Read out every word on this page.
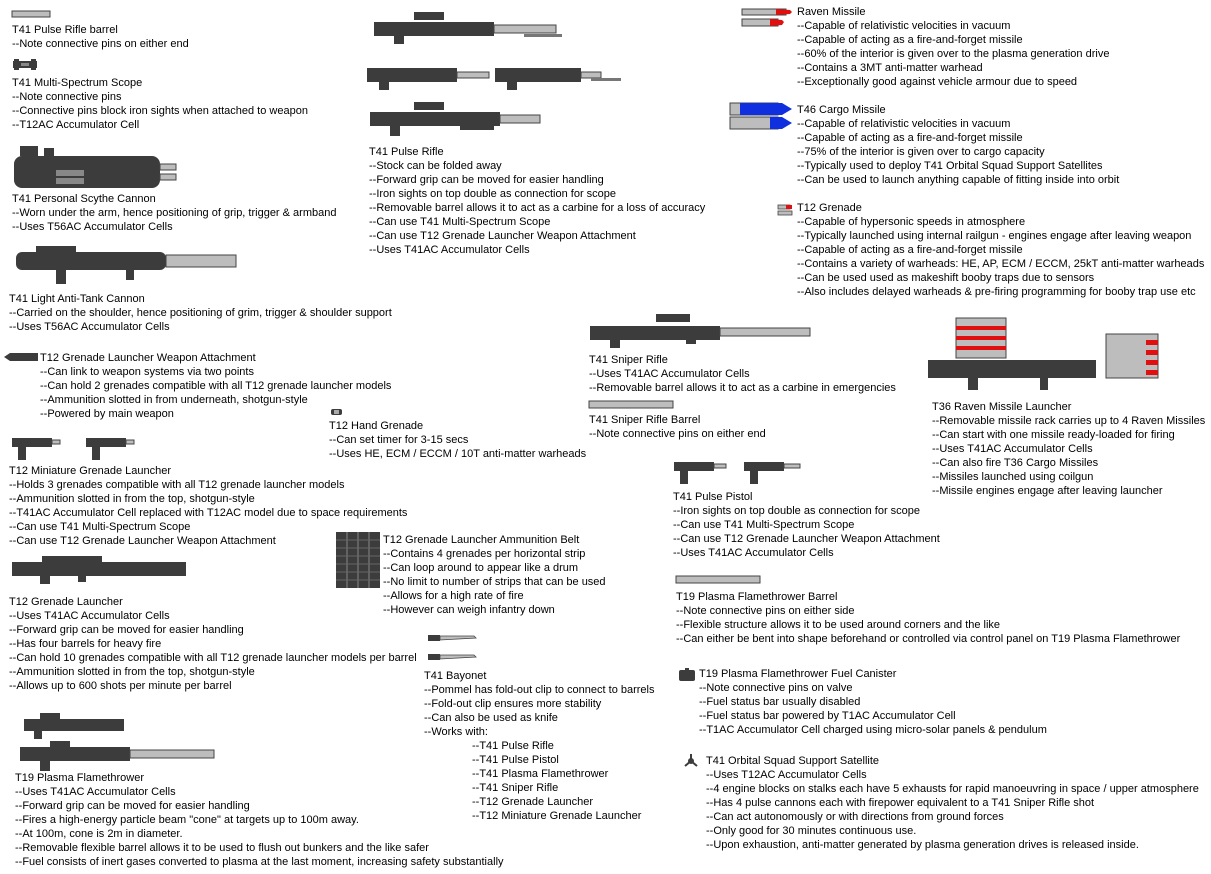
T41 Pulse Rifle barrel
--Note connective pins on either end
T41 Multi-Spectrum Scope
--Note connective pins
--Connective pins block iron sights when attached to weapon
--T12AC Accumulator Cell
T41 Personal Scythe Cannon
--Worn under the arm, hence positioning of grip, trigger & armband
--Uses T56AC Accumulator Cells
T41 Light Anti-Tank Cannon
--Carried on the shoulder, hence positioning of grim, trigger & shoulder support
--Uses T56AC Accumulator Cells
T12 Grenade Launcher Weapon Attachment
--Can link to weapon systems via two points
--Can hold 2 grenades compatible with all T12 grenade launcher models
--Ammunition slotted in from underneath, shotgun-style
--Powered by main weapon
T12 Miniature Grenade Launcher
--Holds 3 grenades compatible with all T12 grenade launcher models
--Ammunition slotted in from the top, shotgun-style
--T41AC Accumulator Cell replaced with T12AC model due to space requirements
--Can use T41 Multi-Spectrum Scope
--Can use T12 Grenade Launcher Weapon Attachment
T12 Grenade Launcher
--Uses T41AC Accumulator Cells
--Forward grip can be moved for easier handling
--Has four barrels for heavy fire
--Can hold 10 grenades compatible with all T12 grenade launcher models per barrel
--Ammunition slotted in from the top, shotgun-style
--Allows up to 600 shots per minute per barrel
T19 Plasma Flamethrower
--Uses T41AC Accumulator Cells
--Forward grip can be moved for easier handling
--Fires a high-energy particle beam "cone" at targets up to 100m away.
--At 100m, cone is 2m in diameter.
--Removable flexible barrel allows it to be used to flush out bunkers and the like safer
--Fuel consists of inert gases converted to plasma at the last moment, increasing safety substantially
T41 Pulse Rifle
--Stock can be folded away
--Forward grip can be moved for easier handling
--Iron sights on top double as connection for scope
--Removable barrel allows it to act as a carbine for a loss of accuracy
--Can use T41 Multi-Spectrum Scope
--Can use T12 Grenade Launcher Weapon Attachment
--Uses T41AC Accumulator Cells
T12 Hand Grenade
--Can set timer for 3-15 secs
--Uses HE, ECM / ECCM / 10T anti-matter warheads
T12 Grenade Launcher Ammunition Belt
--Contains 4 grenades per horizontal strip
--Can loop around to appear like a drum
--No limit to number of strips that can be used
--Allows for a high rate of fire
--However can weigh infantry down
T41 Bayonet
--Pommel has fold-out clip to connect to barrels
--Fold-out clip ensures more stability
--Can also be used as knife
--Works with:
--T41 Pulse Rifle
--T41 Pulse Pistol
--T41 Plasma Flamethrower
--T41 Sniper Rifle
--T12 Grenade Launcher
--T12 Miniature Grenade Launcher
T41 Sniper Rifle
--Uses T41AC Accumulator Cells
--Removable barrel allows it to act as a carbine in emergencies
T41 Sniper Rifle Barrel
--Note connective pins on either end
T41 Pulse Pistol
--Iron sights on top double as connection for scope
--Can use T41 Multi-Spectrum Scope
--Can use T12 Grenade Launcher Weapon Attachment
--Uses T41AC Accumulator Cells
T19 Plasma Flamethrower Barrel
--Note connective pins on either side
--Flexible structure allows it to be used around corners and the like
--Can either be bent into shape beforehand or controlled via control panel on T19 Plasma Flamethrower
T19 Plasma Flamethrower Fuel Canister
--Note connective pins on valve
--Fuel status bar usually disabled
--Fuel status bar powered by T1AC Accumulator Cell
--T1AC Accumulator Cell charged using micro-solar panels & pendulum
T41 Orbital Squad Support Satellite
--Uses T12AC Accumulator Cells
--4 engine blocks on stalks each have 5 exhausts for rapid manoeuvring in space / upper atmosphere
--Has 4 pulse cannons each with firepower equivalent to a T41 Sniper Rifle shot
--Can act autonomously or with directions from ground forces
--Only good for 30 minutes continuous use.
--Upon exhaustion, anti-matter generated by plasma generation drives is released inside.
Raven Missile
--Capable of relativistic velocities in vacuum
--Capable of acting as a fire-and-forget missile
--60% of the interior is given over to the plasma generation drive
--Contains a 3MT anti-matter warhead
--Exceptionally good against vehicle armour due to speed
T46 Cargo Missile
--Capable of relativistic velocities in vacuum
--Capable of acting as a fire-and-forget missile
--75% of the interior is given over to cargo capacity
--Typically used to deploy T41 Orbital Squad Support Satellites
--Can be used to launch anything capable of fitting inside into orbit
T12 Grenade
--Capable of hypersonic speeds in atmosphere
--Typically launched using internal railgun - engines engage after leaving weapon
--Capable of acting as a fire-and-forget missile
--Contains a variety of warheads: HE, AP, ECM / ECCM, 25kT anti-matter warheads
--Can be used used as makeshift booby traps due to sensors
--Also includes delayed warheads & pre-firing programming for booby trap use etc
T36 Raven Missile Launcher
--Removable missile rack carries up to 4 Raven Missiles
--Can start with one missile ready-loaded for firing
--Uses T41AC Accumulator Cells
--Can also fire T36 Cargo Missiles
--Missiles launched using coilgun
--Missile engines engage after leaving launcher
